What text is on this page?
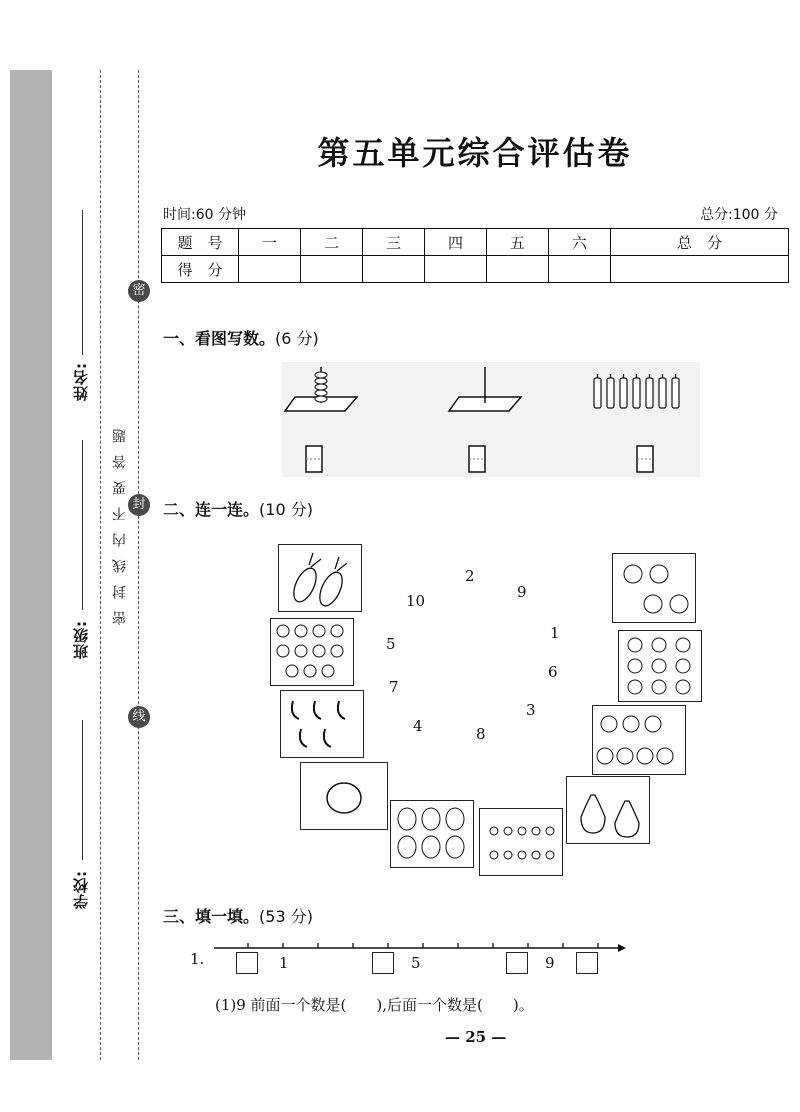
学校:
班级:
姓名:
密
封
线
密封线内不要答题
第五单元综合评估卷
时间:60 分钟	总分:100 分
题　号	一	二	三	四	五	六	总　分
得　分							
一、看图写数。(6 分)
二、连一连。(10 分)
2
9
10
1
5
6
7
3
4	8
三、填一填。(53 分)
1.	1	5	9
(1)9 前面一个数是(　　),后面一个数是(　　)。
— 25 —
